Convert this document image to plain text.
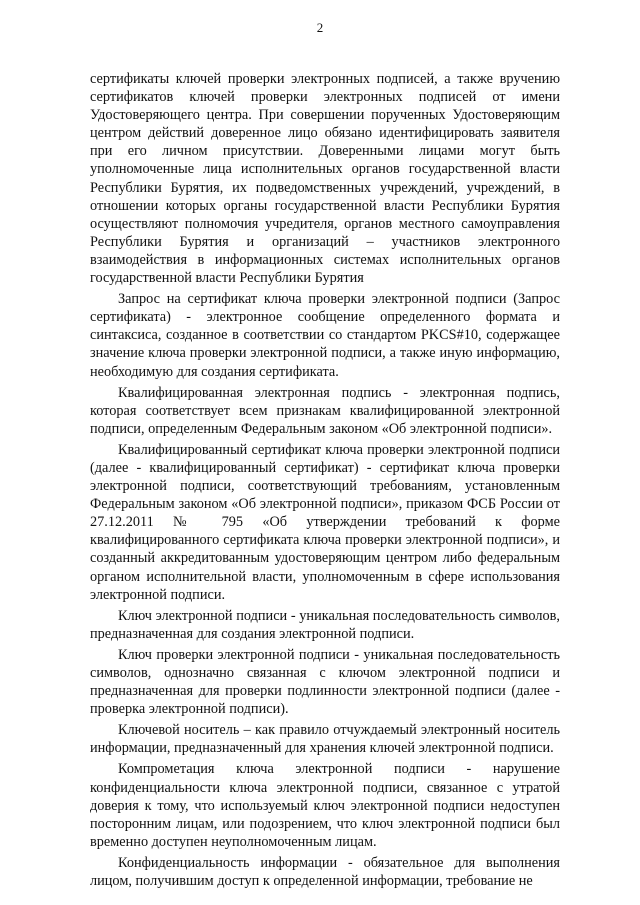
2

сертификаты ключей проверки электронных подписей, а также вручению сертификатов ключей проверки электронных подписей от имени Удостоверяющего центра. При совершении порученных Удостоверяющим центром действий доверенное лицо обязано идентифицировать заявителя при его личном присутствии. Доверенными лицами могут быть уполномоченные лица исполнительных органов государственной власти Республики Бурятия, их подведомственных учреждений, учреждений, в отношении которых органы государственной власти Республики Бурятия осуществляют полномочия учредителя, органов местного самоуправления Республики Бурятия и организаций – участников электронного взаимодействия в информационных системах исполнительных органов государственной власти Республики Бурятия

Запрос на сертификат ключа проверки электронной подписи (Запрос сертификата) - электронное сообщение определенного формата и синтаксиса, созданное в соответствии со стандартом PKCS#10, содержащее значение ключа проверки электронной подписи, а также иную информацию, необходимую для создания сертификата.

Квалифицированная электронная подпись - электронная подпись, которая соответствует всем признакам квалифицированной электронной подписи, определенным Федеральным законом «Об электронной подписи».

Квалифицированный сертификат ключа проверки электронной подписи (далее - квалифицированный сертификат) - сертификат ключа проверки электронной подписи, соответствующий требованиям, установленным Федеральным законом «Об электронной подписи», приказом ФСБ России от 27.12.2011 № 795 «Об утверждении требований к форме квалифицированного сертификата ключа проверки электронной подписи», и созданный аккредитованным удостоверяющим центром либо федеральным органом исполнительной власти, уполномоченным в сфере использования электронной подписи.

Ключ электронной подписи - уникальная последовательность символов, предназначенная для создания электронной подписи.

Ключ проверки электронной подписи - уникальная последовательность символов, однозначно связанная с ключом электронной подписи и предназначенная для проверки подлинности электронной подписи (далее - проверка электронной подписи).

Ключевой носитель – как правило отчуждаемый электронный носитель информации, предназначенный для хранения ключей электронной подписи.

Компрометация ключа электронной подписи - нарушение конфиденциальности ключа электронной подписи, связанное с утратой доверия к тому, что используемый ключ электронной подписи недоступен посторонним лицам, или подозрением, что ключ электронной подписи был временно доступен неуполномоченным лицам.

Конфиденциальность информации - обязательное для выполнения лицом, получившим доступ к определенной информации, требование не
